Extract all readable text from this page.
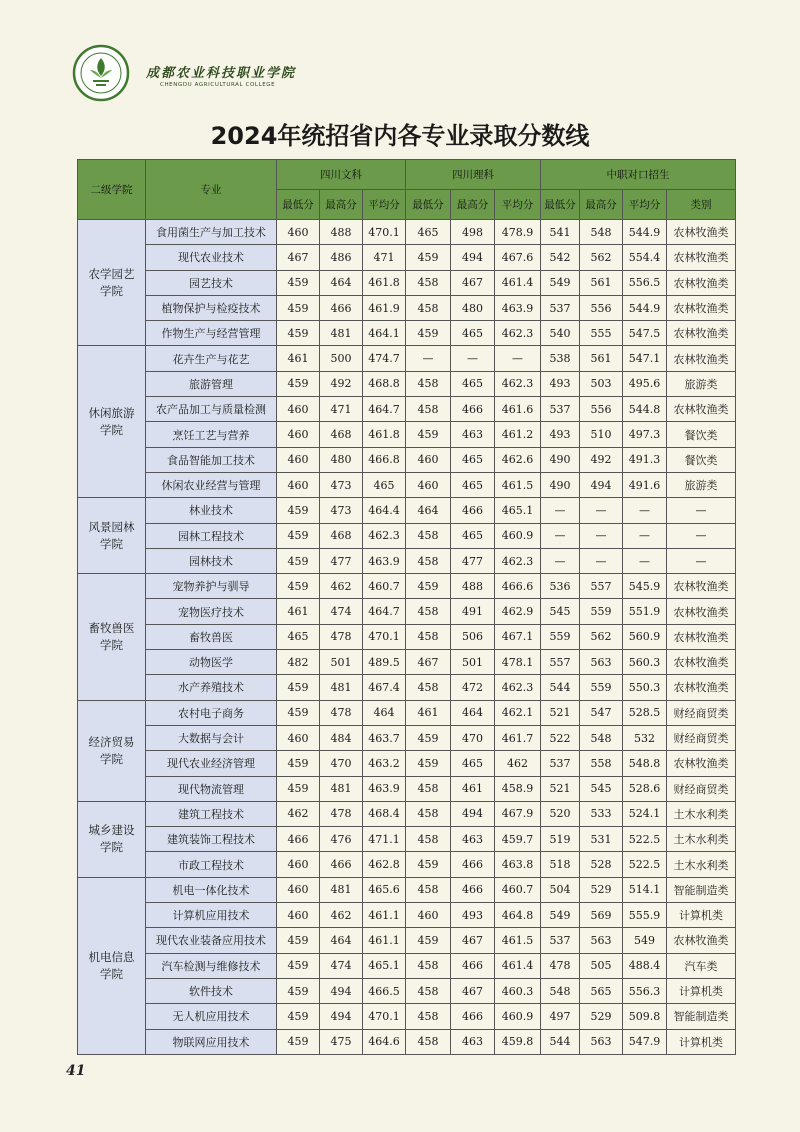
成都农业科技职业学院
CHENGDU AGRICULTURAL COLLEGE
2024年统招省内各专业录取分数线
二级学院	专业	四川文科			四川理科			中职对口招生			
		最低分	最高分	平均分	最低分	最高分	平均分	最低分	最高分	平均分	类别
农学园艺学院	食用菌生产与加工技术	460	488	470.1	465	498	478.9	541	548	544.9	农林牧渔类
	现代农业技术	467	486	471	459	494	467.6	542	562	554.4	农林牧渔类
	园艺技术	459	464	461.8	458	467	461.4	549	561	556.5	农林牧渔类
	植物保护与检疫技术	459	466	461.9	458	480	463.9	537	556	544.9	农林牧渔类
	作物生产与经营管理	459	481	464.1	459	465	462.3	540	555	547.5	农林牧渔类
休闲旅游学院	花卉生产与花艺	461	500	474.7	—	—	—	538	561	547.1	农林牧渔类
	旅游管理	459	492	468.8	458	465	462.3	493	503	495.6	旅游类
	农产品加工与质量检测	460	471	464.7	458	466	461.6	537	556	544.8	农林牧渔类
	烹饪工艺与营养	460	468	461.8	459	463	461.2	493	510	497.3	餐饮类
	食品智能加工技术	460	480	466.8	460	465	462.6	490	492	491.3	餐饮类
	休闲农业经营与管理	460	473	465	460	465	461.5	490	494	491.6	旅游类
风景园林学院	林业技术	459	473	464.4	464	466	465.1	—	—	—	—
	园林工程技术	459	468	462.3	458	465	460.9	—	—	—	—
	园林技术	459	477	463.9	458	477	462.3	—	—	—	—
畜牧兽医学院	宠物养护与驯导	459	462	460.7	459	488	466.6	536	557	545.9	农林牧渔类
	宠物医疗技术	461	474	464.7	458	491	462.9	545	559	551.9	农林牧渔类
	畜牧兽医	465	478	470.1	458	506	467.1	559	562	560.9	农林牧渔类
	动物医学	482	501	489.5	467	501	478.1	557	563	560.3	农林牧渔类
	水产养殖技术	459	481	467.4	458	472	462.3	544	559	550.3	农林牧渔类
经济贸易学院	农村电子商务	459	478	464	461	464	462.1	521	547	528.5	财经商贸类
	大数据与会计	460	484	463.7	459	470	461.7	522	548	532	财经商贸类
	现代农业经济管理	459	470	463.2	459	465	462	537	558	548.8	农林牧渔类
	现代物流管理	459	481	463.9	458	461	458.9	521	545	528.6	财经商贸类
城乡建设学院	建筑工程技术	462	478	468.4	458	494	467.9	520	533	524.1	土木水利类
	建筑装饰工程技术	466	476	471.1	458	463	459.7	519	531	522.5	土木水利类
	市政工程技术	460	466	462.8	459	466	463.8	518	528	522.5	土木水利类
机电信息学院	机电一体化技术	460	481	465.6	458	466	460.7	504	529	514.1	智能制造类
	计算机应用技术	460	462	461.1	460	493	464.8	549	569	555.9	计算机类
	现代农业装备应用技术	459	464	461.1	459	467	461.5	537	563	549	农林牧渔类
	汽车检测与维修技术	459	474	465.1	458	466	461.4	478	505	488.4	汽车类
	软件技术	459	494	466.5	458	467	460.3	548	565	556.3	计算机类
	无人机应用技术	459	494	470.1	458	466	460.9	497	529	509.8	智能制造类
	物联网应用技术	459	475	464.6	458	463	459.8	544	563	547.9	计算机类
41
